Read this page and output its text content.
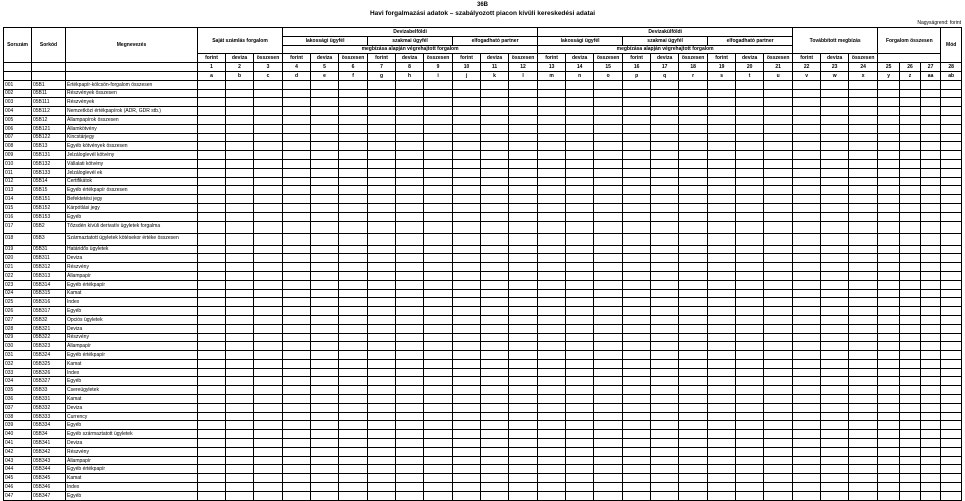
36B
Havi forgalmazási adatok – szabályozott piacon kívüli kereskedési adatai
Nagyságrend: forint
Sorszám	Sorkód	Megnevezés	Saját számlás forgalom			Devizabelföldi									Devizakülföldi									Továbbított megbízás			Forgalom összesen			Mód
						lakossági ügyfél			szakmai ügyfél			elfogadható partner			lakossági ügyfél			szakmai ügyfél			elfogadható partner									
						megbízása alapján végrehajtott forgalom									megbízása alapján végrehajtott forgalom															
			forint	deviza	összesen	forint	deviza	összesen	forint	deviza	összesen	forint	deviza	összesen	forint	deviza	összesen	forint	deviza	összesen	forint	deviza	összesen	forint	deviza	összesen				
			1	2	3	4	5	6	7	8	9	10	11	12	13	14	15	16	17	18	19	20	21	22	23	24	25	26	27	28
			a	b	c	d	e	f	g	h	i	j	k	l	m	n	o	p	q	r	s	t	u	v	w	x	y	z	aa	ab
001	05B1	Értékpapír-kölcsön-forgalom összesen																												
002	05B11	Részvények összesen																												
003	05B111	Részvények																												
004	05B112	Nemzetközi értékpapírok (ADR, GDR stb.)																												
005	05B12	Állampapírok összesen																												
006	05B121	Államkötvény																												
007	05B122	Kincstárjegy																												
008	05B13	Egyéb kötvények összesen																												
009	05B131	Jelzáloglevél kötvény																												
010	05B132	Vállalati kötvény																												
011	05B133	Jelzáloglevél ek																												
012	05B14	Certifikátok																												
013	05B15	Egyéb értékpapír összesen																												
014	05B151	Befektetési jegy																												
015	05B152	Kárpótlási jegy																												
016	05B153	Egyéb																												
017	05B2	Tőzsdén kívüli derivatív ügyletek forgalma																												
018	05B3	Származtatott ügyletek kötésekor értéke összesen																												
019	05B31	Határidős ügyletek																												
020	05B311	Deviza																												
021	05B312	Részvény																												
022	05B313	Állampapír																												
023	05B314	Egyéb értékpapír																												
024	05B315	Kamat																												
025	05B316	Index																												
026	05B317	Egyéb																												
027	05B32	Opciós ügyletek																												
028	05B321	Deviza																												
029	05B322	Részvény																												
030	05B323	Állampapír																												
031	05B324	Egyéb értékpapír																												
032	05B325	Kamat																												
033	05B326	Index																												
034	05B327	Egyéb																												
035	05B33	Csereügyletek																												
036	05B331	Kamat																												
037	05B332	Deviza																												
038	05B333	Currency																												
039	05B334	Egyéb																												
040	05B34	Egyéb származtatott ügyletek																												
041	05B341	Deviza																												
042	05B342	Részvény																												
043	05B343	Állampapír																												
044	05B344	Egyéb értékpapír																												
045	05B345	Kamat																												
046	05B346	Index																												
047	05B347	Egyéb																												
